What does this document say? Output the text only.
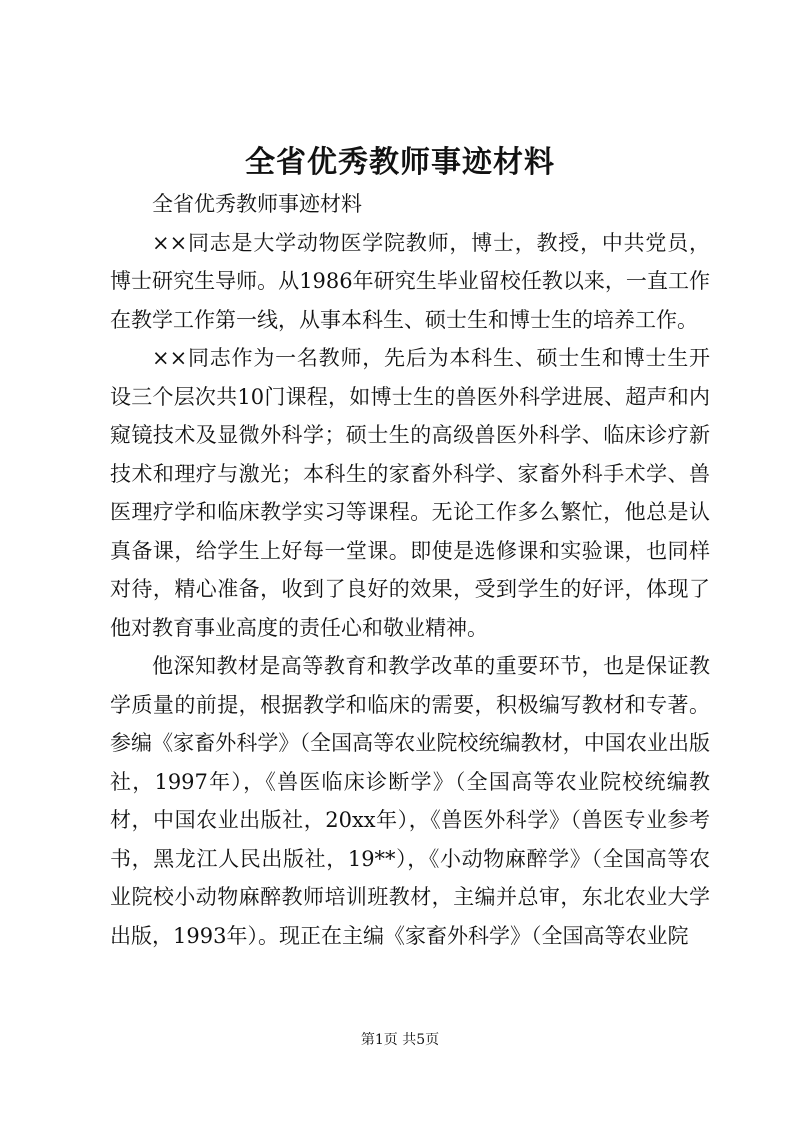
全省优秀教师事迹材料

全省优秀教师事迹材料

××同志是大学动物医学院教师，博士，教授，中共党员，博士研究生导师。从1986年研究生毕业留校任教以来，一直工作在教学工作第一线，从事本科生、硕士生和博士生的培养工作。

××同志作为一名教师，先后为本科生、硕士生和博士生开设三个层次共10门课程，如博士生的兽医外科学进展、超声和内窥镜技术及显微外科学；硕士生的高级兽医外科学、临床诊疗新技术和理疗与激光；本科生的家畜外科学、家畜外科手术学、兽医理疗学和临床教学实习等课程。无论工作多么繁忙，他总是认真备课，给学生上好每一堂课。即使是选修课和实验课，也同样对待，精心准备，收到了良好的效果，受到学生的好评，体现了他对教育事业高度的责任心和敬业精神。

他深知教材是高等教育和教学改革的重要环节，也是保证教学质量的前提，根据教学和临床的需要，积极编写教材和专著。参编《家畜外科学》（全国高等农业院校统编教材，中国农业出版社，1997年），《兽医临床诊断学》（全国高等农业院校统编教材，中国农业出版社，20xx年），《兽医外科学》（兽医专业参考书，黑龙江人民出版社，19**），《小动物麻醉学》（全国高等农业院校小动物麻醉教师培训班教材，主编并总审，东北农业大学出版，1993年）。现正在主编《家畜外科学》（全国高等农业院

第1页 共5页
